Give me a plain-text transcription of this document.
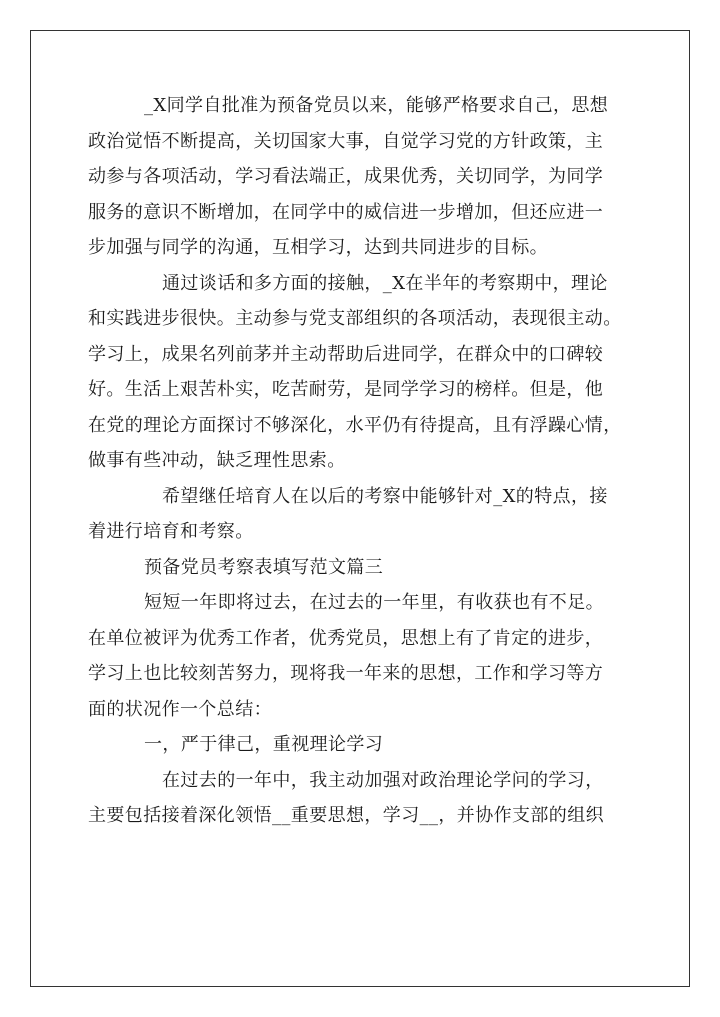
_X同学自批准为预备党员以来，能够严格要求自己，思想
政治觉悟不断提高，关切国家大事，自觉学习党的方针政策，主
动参与各项活动，学习看法端正，成果优秀，关切同学，为同学
服务的意识不断增加，在同学中的威信进一步增加，但还应进一
步加强与同学的沟通，互相学习，达到共同进步的目标。
通过谈话和多方面的接触，_X在半年的考察期中，理论
和实践进步很快。主动参与党支部组织的各项活动，表现很主动。
学习上，成果名列前茅并主动帮助后进同学，在群众中的口碑较
好。生活上艰苦朴实，吃苦耐劳，是同学学习的榜样。但是，他
在党的理论方面探讨不够深化，水平仍有待提高，且有浮躁心情，
做事有些冲动，缺乏理性思索。
希望继任培育人在以后的考察中能够针对_X的特点，接
着进行培育和考察。
预备党员考察表填写范文篇三
短短一年即将过去，在过去的一年里，有收获也有不足。
在单位被评为优秀工作者，优秀党员，思想上有了肯定的进步，
学习上也比较刻苦努力，现将我一年来的思想，工作和学习等方
面的状况作一个总结：
一，严于律己，重视理论学习
在过去的一年中，我主动加强对政治理论学问的学习，
主要包括接着深化领悟__重要思想，学习__，并协作支部的组织
